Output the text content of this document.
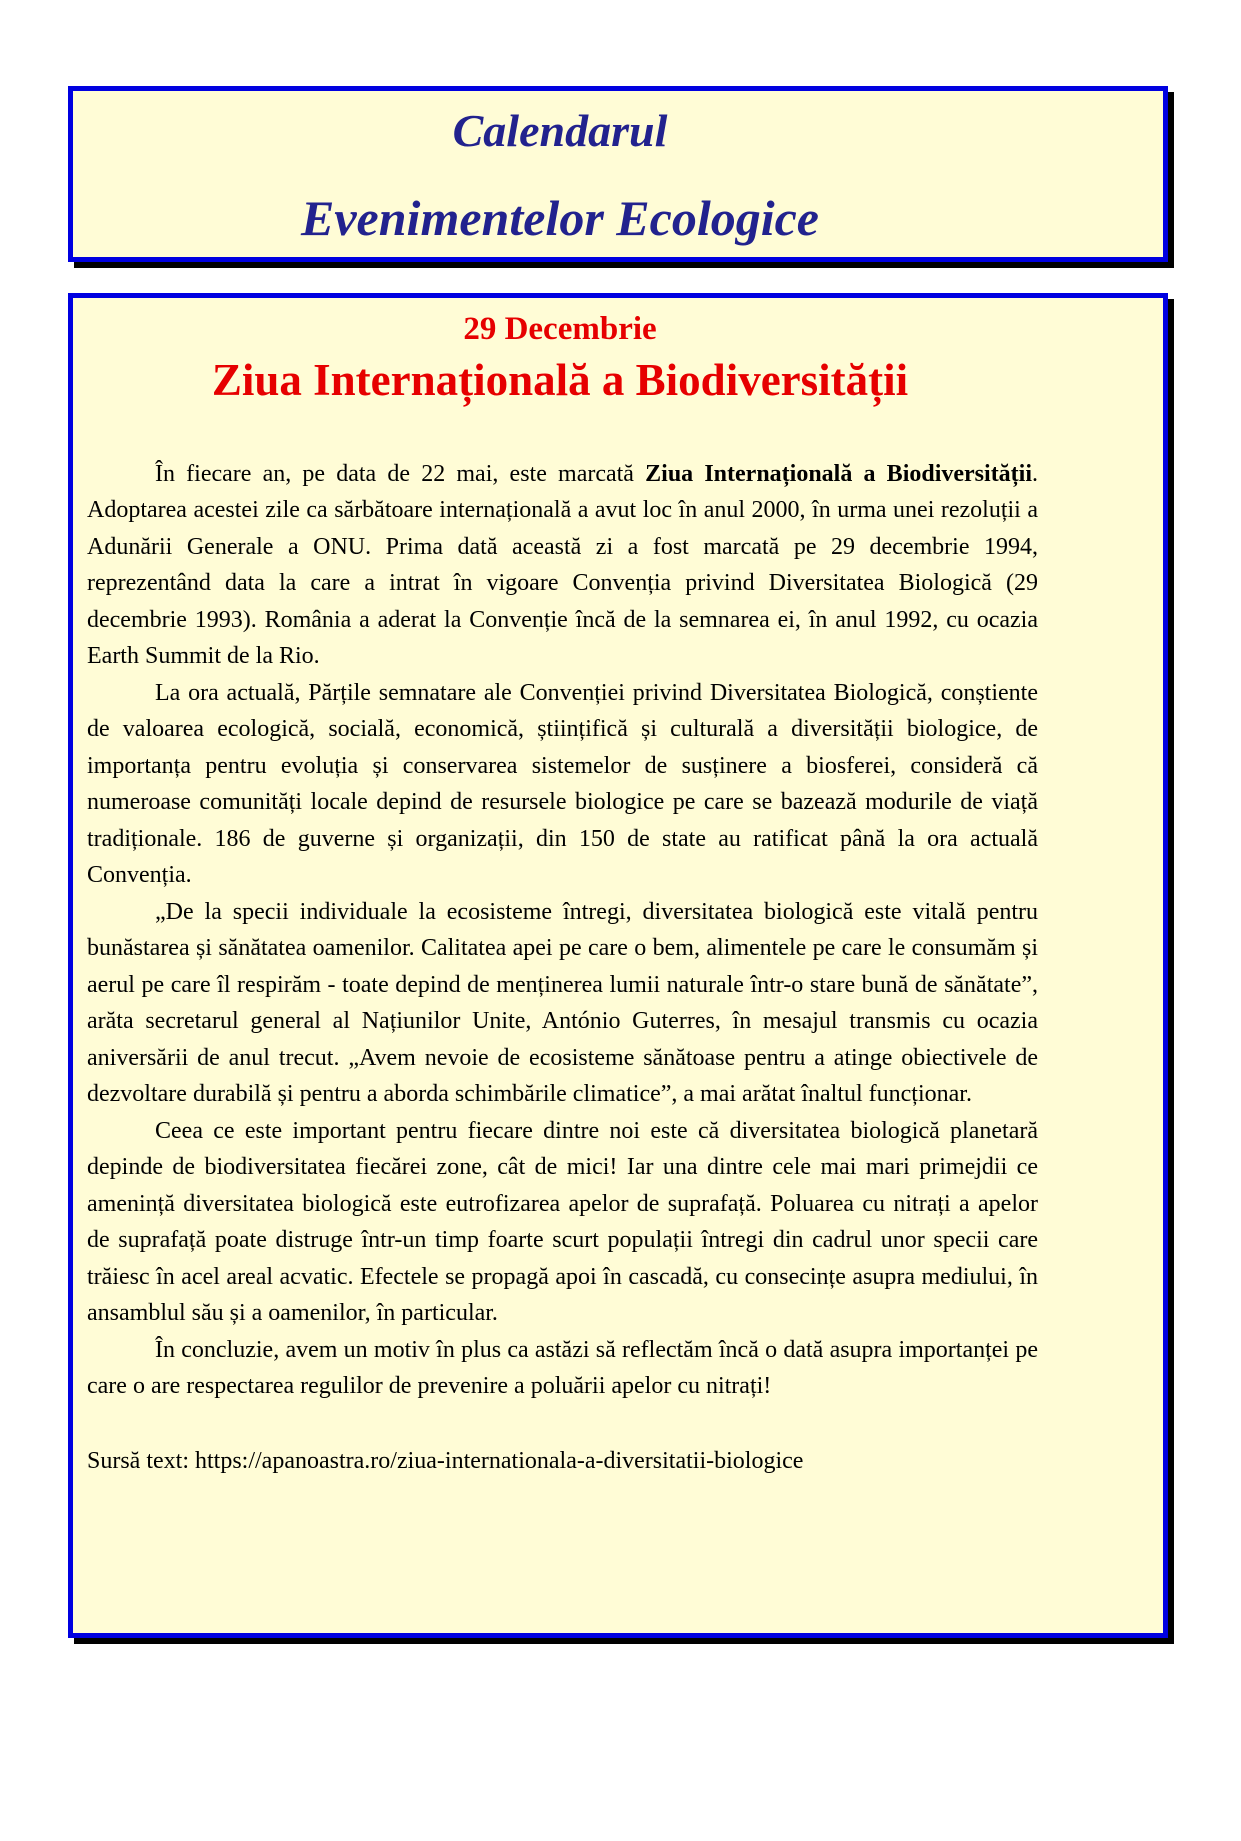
Calendarul
Evenimentelor Ecologice
29 Decembrie
Ziua Internațională a Biodiversității

În fiecare an, pe data de 22 mai, este marcată Ziua Internațională a Biodiversității. Adoptarea acestei zile ca sărbătoare internațională a avut loc în anul 2000, în urma unei rezoluții a Adunării Generale a ONU. Prima dată această zi a fost marcată pe 29 decembrie 1994, reprezentând data la care a intrat în vigoare Convenția privind Diversitatea Biologică (29 decembrie 1993). România a aderat la Convenție încă de la semnarea ei, în anul 1992, cu ocazia Earth Summit de la Rio.

La ora actuală, Părțile semnatare ale Convenției privind Diversitatea Biologică, conștiente de valoarea ecologică, socială, economică, științifică și culturală a diversității biologice, de importanța pentru evoluția și conservarea sistemelor de susținere a biosferei, consideră că numeroase comunități locale depind de resursele biologice pe care se bazează modurile de viață tradiționale. 186 de guverne și organizații, din 150 de state au ratificat până la ora actuală Convenția.

„De la specii individuale la ecosisteme întregi, diversitatea biologică este vitală pentru bunăstarea și sănătatea oamenilor. Calitatea apei pe care o bem, alimentele pe care le consumăm și aerul pe care îl respirăm - toate depind de menținerea lumii naturale într-o stare bună de sănătate”, arăta secretarul general al Națiunilor Unite, António Guterres, în mesajul transmis cu ocazia aniversării de anul trecut. „Avem nevoie de ecosisteme sănătoase pentru a atinge obiectivele de dezvoltare durabilă și pentru a aborda schimbările climatice”, a mai arătat înaltul funcționar.

Ceea ce este important pentru fiecare dintre noi este că diversitatea biologică planetară depinde de biodiversitatea fiecărei zone, cât de mici! Iar una dintre cele mai mari primejdii ce amenință diversitatea biologică este eutrofizarea apelor de suprafață. Poluarea cu nitrați a apelor de suprafață poate distruge într-un timp foarte scurt populații întregi din cadrul unor specii care trăiesc în acel areal acvatic. Efectele se propagă apoi în cascadă, cu consecințe asupra mediului, în ansamblul său și a oamenilor, în particular.

În concluzie, avem un motiv în plus ca astăzi să reflectăm încă o dată asupra importanței pe care o are respectarea regulilor de prevenire a poluării apelor cu nitrați!

Sursă text: https://apanoastra.ro/ziua-internationala-a-diversitatii-biologice
